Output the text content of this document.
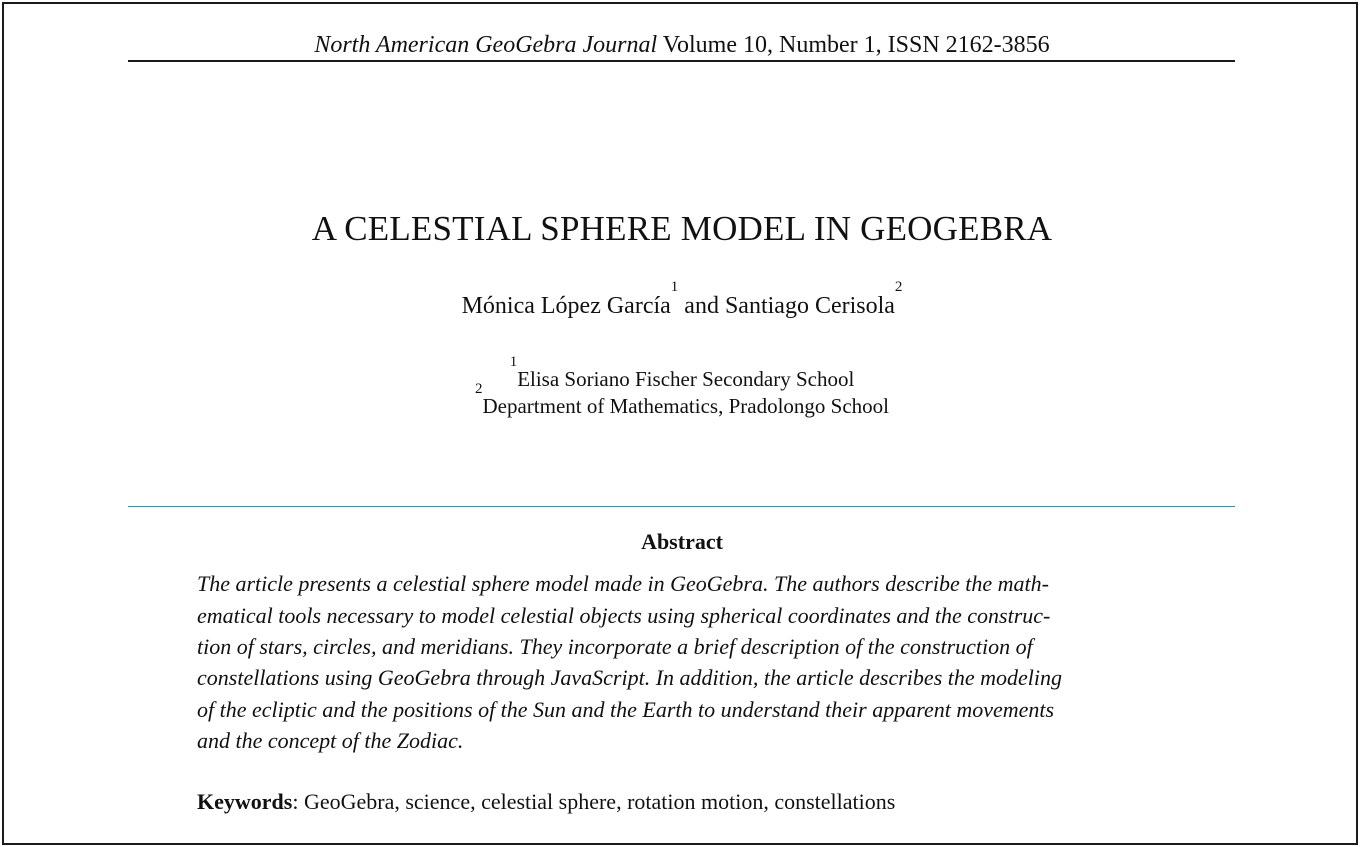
North American GeoGebra Journal Volume 10, Number 1, ISSN 2162-3856
A CELESTIAL SPHERE MODEL IN GEOGEBRA
Mónica López García$^1$ and Santiago Cerisola$^2$
$^1$Elisa Soriano Fischer Secondary School
$^2$Department of Mathematics, Pradolongo School
Abstract
The article presents a celestial sphere model made in GeoGebra. The authors describe the math-
ematical tools necessary to model celestial objects using spherical coordinates and the construc-
tion of stars, circles, and meridians. They incorporate a brief description of the construction of
constellations using GeoGebra through JavaScript. In addition, the article describes the modeling
of the ecliptic and the positions of the Sun and the Earth to understand their apparent movements
and the concept of the Zodiac.
Keywords: GeoGebra, science, celestial sphere, rotation motion, constellations
